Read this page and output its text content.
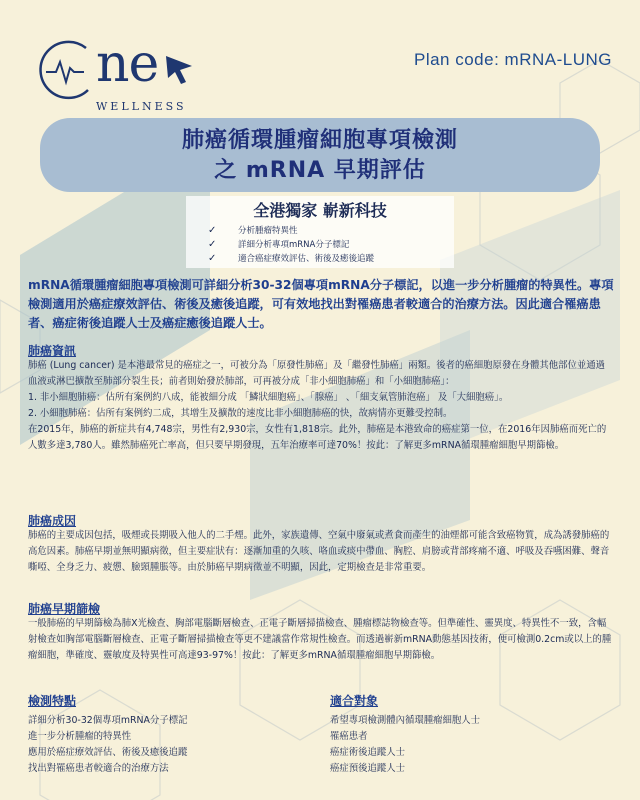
ne
WELLNESS
Plan code: mRNA-LUNG
肺癌循環腫瘤細胞專項檢測
之 mRNA 早期評估
全港獨家 嶄新科技
✓	分析腫瘤特異性
✓	詳細分析專項mRNA分子標記
✓	適合癌症療效評估、術後及癒後追蹤
mRNA循環腫瘤細胞專項檢測可詳細分析30-32個專項mRNA分子標記，以進一步分析腫瘤的特異性。專項檢測適用於癌症療效評估、術後及癒後追蹤，可有效地找出對罹癌患者較適合的治療方法。因此適合罹癌患者、癌症術後追蹤人士及癌症癒後追蹤人士。
肺癌資訊

肺癌 (Lung cancer) 是本港最常見的癌症之一，可被分為「原發性肺癌」及「繼發性肺癌」兩類。後者的癌細胞原發在身體其他部位並通過血液或淋巴擴散至肺部分裂生長；前者則始發於肺部，可再被分成「非小細胞肺癌」和「小細胞肺癌」：

1. 非小細胞肺癌：佔所有案例約八成，能被細分成 「鱗狀細胞癌」、「腺癌」 、「細支氣管肺泡癌」 及「大細胞癌」。

2. 小細胞肺癌：佔所有案例約二成，其增生及擴散的速度比非小細胞肺癌的快，故病情亦更難受控制。

在2015年，肺癌的新症共有4,748宗，男性有2,930宗，女性有1,818宗。此外，肺癌是本港致命的癌症第一位，在2016年因肺癌而死亡的人數多達3,780人。雖然肺癌死亡率高，但只要早期發現，五年治療率可達70%！按此：了解更多mRNA循環腫瘤細胞早期篩檢。

肺癌成因

肺癌的主要成因包括，吸煙或長期吸入他人的二手煙。此外，家族遺傳、空氣中廢氣或煮食而產生的油煙都可能含致癌物質，成為誘發肺癌的高危因素。肺癌早期並無明顯病徵，但主要症狀有：逐漸加重的久咳、咯血或痰中帶血、胸腔、肩膀或背部疼痛不適、呼吸及吞嚥困難、聲音嘶啞、全身乏力、疲憊、臉頸腫脹等。由於肺癌早期病徵並不明顯，因此，定期檢查是非常重要。

肺癌早期篩檢

一般肺癌的早期篩檢為肺X光檢查、胸部電腦斷層檢查、正電子斷層掃描檢查、腫瘤標誌物檢查等。但準確性、靈異度、特異性不一致，含輻射檢查如胸部電腦斷層檢查、正電子斷層掃描檢查等更不建議當作常規性檢查。而透過嶄新mRNA動態基因技術，便可檢測0.2cm或以上的腫瘤細胞，準確度、靈敏度及特異性可高達93-97%！按此：了解更多mRNA循環腫瘤細胞早期篩檢。

檢測特點
詳細分析30-32個專項mRNA分子標記
進一步分析腫瘤的特異性
應用於癌症療效評估、術後及癒後追蹤
找出對罹癌患者較適合的治療方法
適合對象
希望專項檢測體內循環腫瘤細胞人士
罹癌患者
癌症術後追蹤人士
癌症預後追蹤人士
